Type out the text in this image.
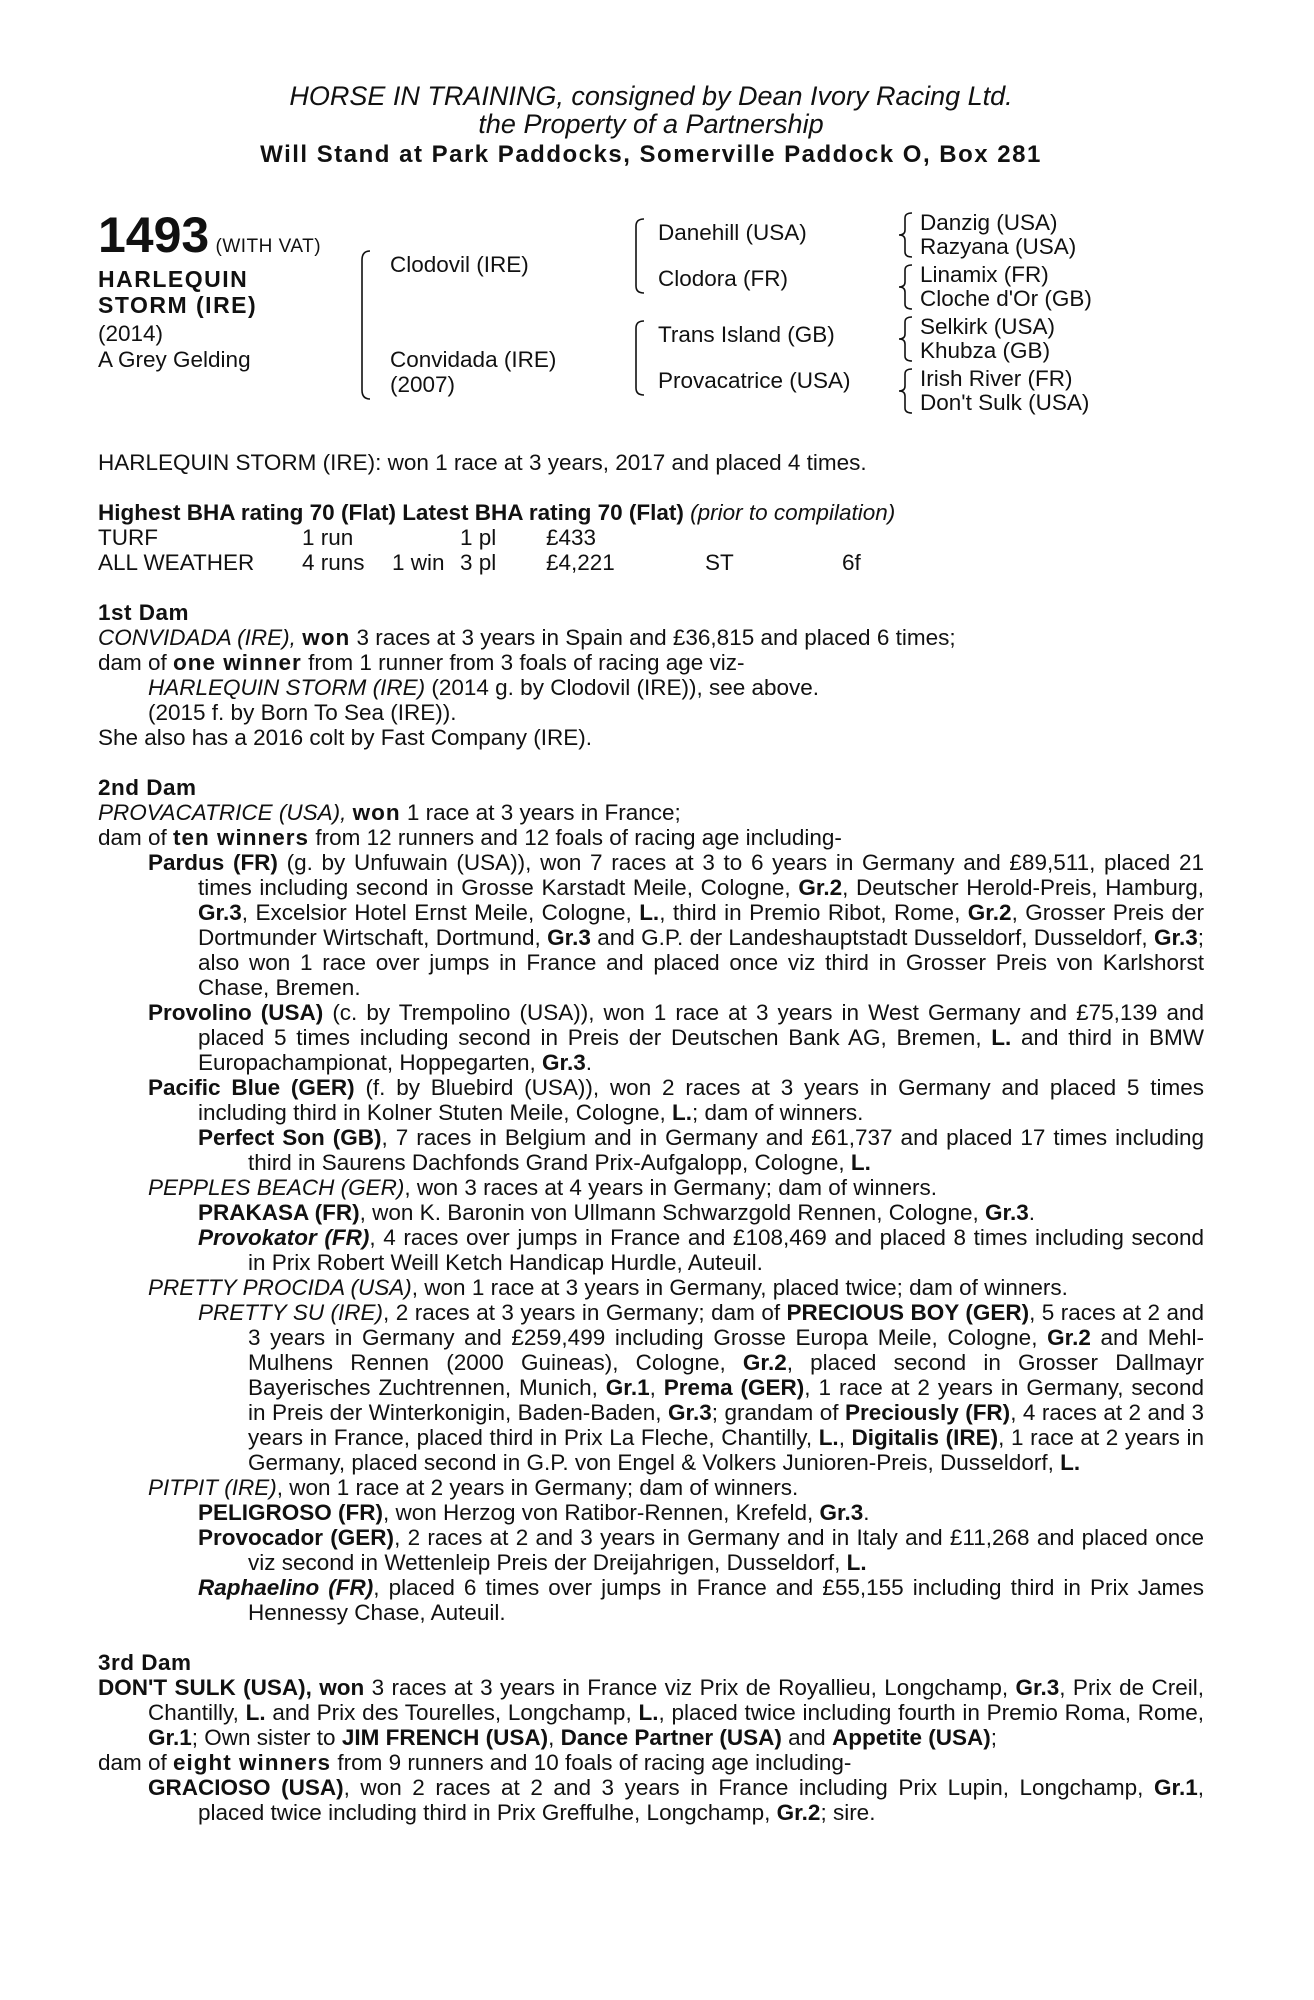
HORSE IN TRAINING, consigned by Dean Ivory Racing Ltd.
the Property of a Partnership
Will Stand at Park Paddocks, Somerville Paddock O, Box 281
1493 (WITH VAT)
HARLEQUIN
STORM (IRE)
(2014)
A Grey Gelding
Clodovil (IRE)
Convidada (IRE)
(2007)
Danehill (USA)
Clodora (FR)
Trans Island (GB)
Provacatrice (USA)
Danzig (USA)
Razyana (USA)
Linamix (FR)
Cloche d'Or (GB)
Selkirk (USA)
Khubza (GB)
Irish River (FR)
Don't Sulk (USA)

HARLEQUIN STORM (IRE): won 1 race at 3 years, 2017 and placed 4 times.

Highest BHA rating 70 (Flat) Latest BHA rating 70 (Flat) (prior to compilation)

TURF	1 run	1 pl £433
ALL WEATHER 4 runs 1 win 3 pl £4,221	ST	6f

1st Dam

CONVIDADA (IRE), won 3 races at 3 years in Spain and £36,815 and placed 6 times;

dam of one winner from 1 runner from 3 foals of racing age viz-

HARLEQUIN STORM (IRE) (2014 g. by Clodovil (IRE)), see above.

(2015 f. by Born To Sea (IRE)).

She also has a 2016 colt by Fast Company (IRE).

2nd Dam

PROVACATRICE (USA), won 1 race at 3 years in France;

dam of ten winners from 12 runners and 12 foals of racing age including-

Pardus (FR) (g. by Unfuwain (USA)), won 7 races at 3 to 6 years in Germany and £89,511, placed 21 times including second in Grosse Karstadt Meile, Cologne, Gr.2, Deutscher Herold-Preis, Hamburg, Gr.3, Excelsior Hotel Ernst Meile, Cologne, L., third in Premio Ribot, Rome, Gr.2, Grosser Preis der Dortmunder Wirtschaft, Dortmund, Gr.3 and G.P. der Landeshauptstadt Dusseldorf, Dusseldorf, Gr.3; also won 1 race over jumps in France and placed once viz third in Grosser Preis von Karlshorst Chase, Bremen.

Provolino (USA) (c. by Trempolino (USA)), won 1 race at 3 years in West Germany and £75,139 and placed 5 times including second in Preis der Deutschen Bank AG, Bremen, L. and third in BMW Europachampionat, Hoppegarten, Gr.3.

Pacific Blue (GER) (f. by Bluebird (USA)), won 2 races at 3 years in Germany and placed 5 times including third in Kolner Stuten Meile, Cologne, L.; dam of winners.

Perfect Son (GB), 7 races in Belgium and in Germany and £61,737 and placed 17 times including third in Saurens Dachfonds Grand Prix-Aufgalopp, Cologne, L.

PEPPLES BEACH (GER), won 3 races at 4 years in Germany; dam of winners.

PRAKASA (FR), won K. Baronin von Ullmann Schwarzgold Rennen, Cologne, Gr.3.

Provokator (FR), 4 races over jumps in France and £108,469 and placed 8 times including second in Prix Robert Weill Ketch Handicap Hurdle, Auteuil.

PRETTY PROCIDA (USA), won 1 race at 3 years in Germany, placed twice; dam of winners.

PRETTY SU (IRE), 2 races at 3 years in Germany; dam of PRECIOUS BOY (GER), 5 races at 2 and 3 years in Germany and £259,499 including Grosse Europa Meile, Cologne, Gr.2 and Mehl-Mulhens Rennen (2000 Guineas), Cologne, Gr.2, placed second in Grosser Dallmayr Bayerisches Zuchtrennen, Munich, Gr.1, Prema (GER), 1 race at 2 years in Germany, second in Preis der Winterkonigin, Baden-Baden, Gr.3; grandam of Preciously (FR), 4 races at 2 and 3 years in France, placed third in Prix La Fleche, Chantilly, L., Digitalis (IRE), 1 race at 2 years in Germany, placed second in G.P. von Engel & Volkers Junioren-Preis, Dusseldorf, L.

PITPIT (IRE), won 1 race at 2 years in Germany; dam of winners.

PELIGROSO (FR), won Herzog von Ratibor-Rennen, Krefeld, Gr.3.

Provocador (GER), 2 races at 2 and 3 years in Germany and in Italy and £11,268 and placed once viz second in Wettenleip Preis der Dreijahrigen, Dusseldorf, L.

Raphaelino (FR), placed 6 times over jumps in France and £55,155 including third in Prix James Hennessy Chase, Auteuil.

3rd Dam

DON'T SULK (USA), won 3 races at 3 years in France viz Prix de Royallieu, Longchamp, Gr.3, Prix de Creil, Chantilly, L. and Prix des Tourelles, Longchamp, L., placed twice including fourth in Premio Roma, Rome, Gr.1; Own sister to JIM FRENCH (USA), Dance Partner (USA) and Appetite (USA);

dam of eight winners from 9 runners and 10 foals of racing age including-

GRACIOSO (USA), won 2 races at 2 and 3 years in France including Prix Lupin, Longchamp, Gr.1, placed twice including third in Prix Greffulhe, Longchamp, Gr.2; sire.
